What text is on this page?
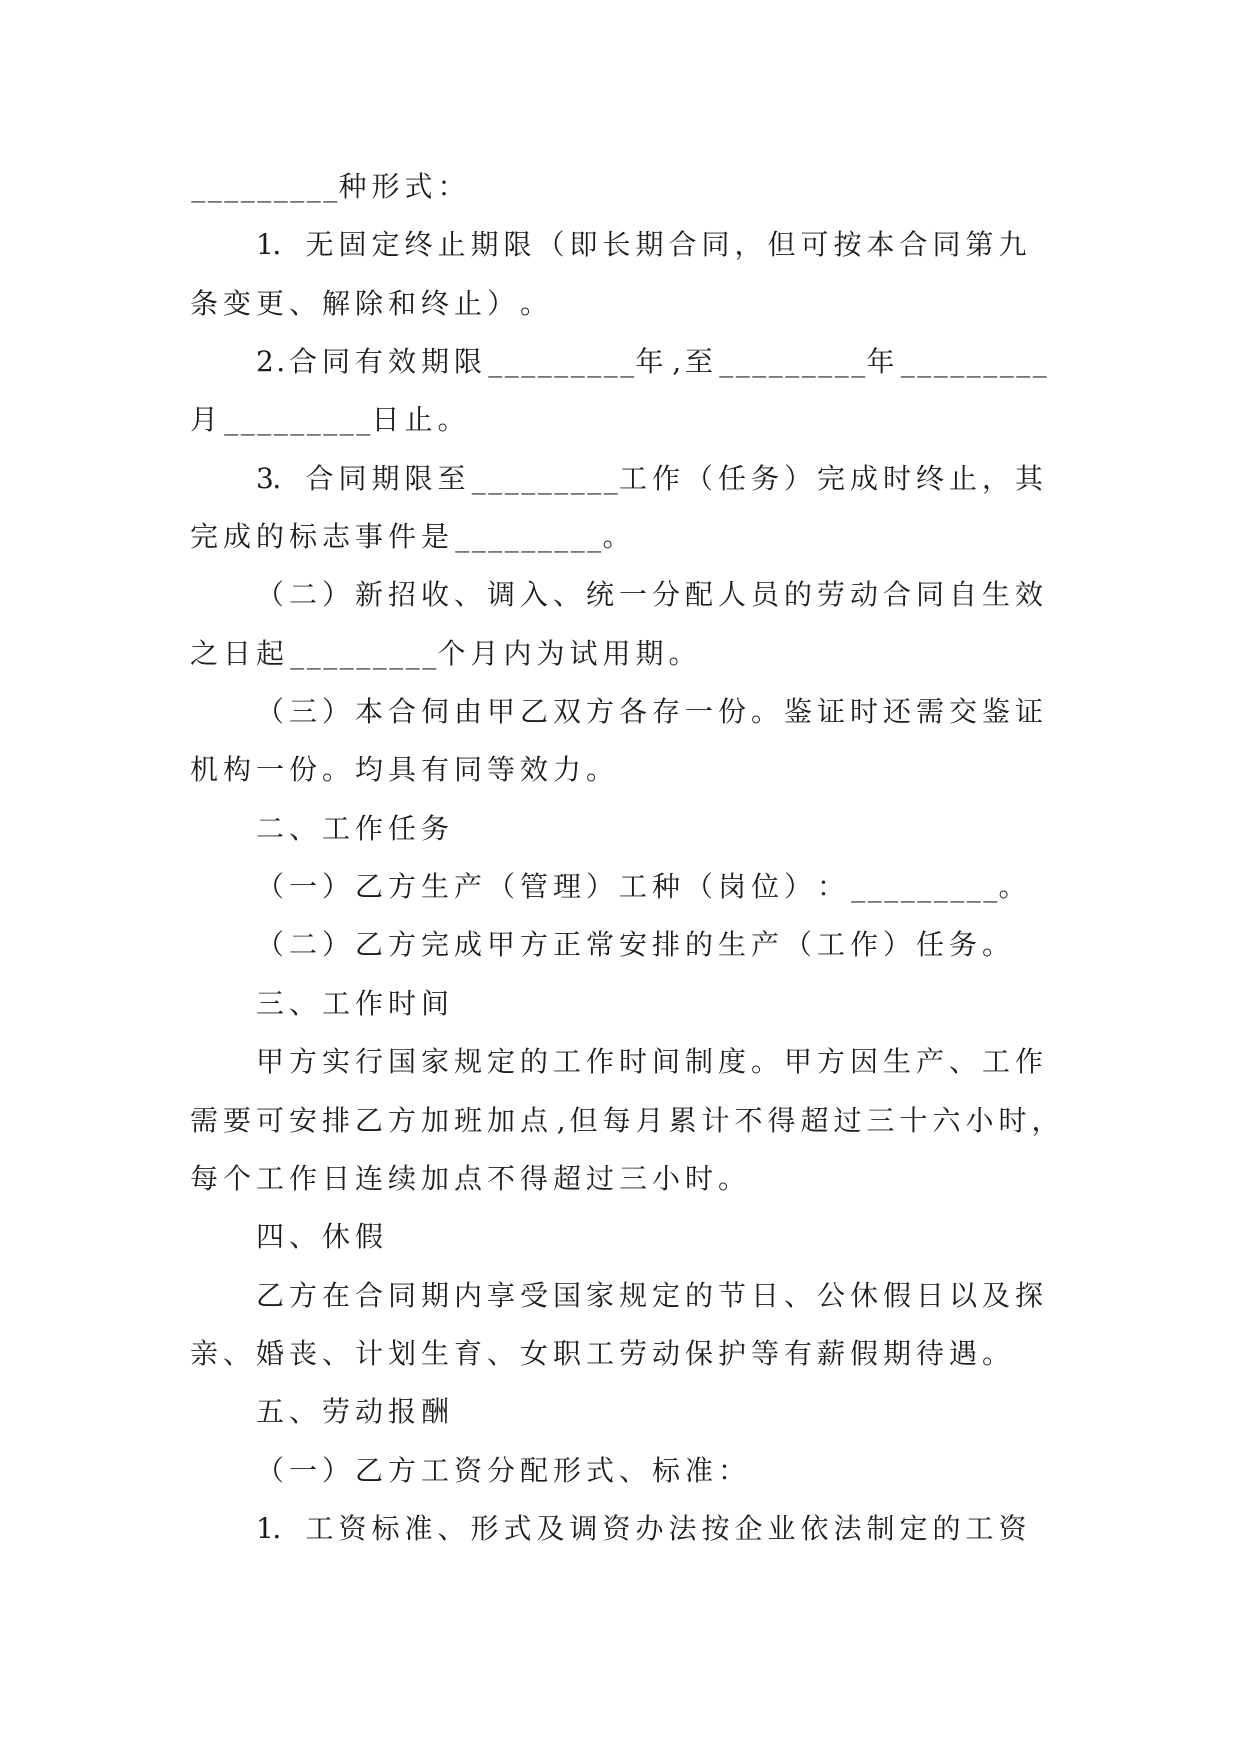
_________种 形 式 ：
1． 无 固 定 终 止 期 限 （ 即 长 期 合 同 ， 但 可 按 本 合 同 第 九
条 变 更 、 解 除 和 终 止 ） 。
2. 合 同 有 效 期 限 _________年 , 至 _________年 _________
月 _________日 止 。
3． 合 同 期 限 至 _________工 作 （ 任 务 ） 完 成 时 终 止 ， 其
完 成 的 标 志 事 件 是 _________。
（ 二 ） 新 招 收 、 调 入 、 统 一 分 配 人 员 的 劳 动 合 同 自 生 效
之 日 起 _________个 月 内 为 试 用 期 。
（ 三 ） 本 合 伺 由 甲 乙 双 方 各 存 一 份 。 鉴 证 时 还 需 交 鉴 证
机 构 一 份 。 均 具 有 同 等 效 力 。
二 、 工 作 任 务
（ 一 ） 乙 方 生 产 （ 管 理 ） 工 种 （ 岗 位 ） ： _________。
（ 二 ） 乙 方 完 成 甲 方 正 常 安 排 的 生 产 （ 工 作 ） 任 务 。
三 、 工 作 时 间
甲 方 实 行 国 家 规 定 的 工 作 时 间 制 度 。 甲 方 因 生 产 、 工 作
需 要 可 安 排 乙 方 加 班 加 点 , 但 每 月 累 计 不 得 超 过 三 十 六 小 时 ，
每 个 工 作 日 连 续 加 点 不 得 超 过 三 小 时 。
四 、 休 假
乙 方 在 合 同 期 内 享 受 国 家 规 定 的 节 日 、 公 休 假 日 以 及 探
亲 、 婚 丧 、 计 划 生 育 、 女 职 工 劳 动 保 护 等 有 薪 假 期 待 遇 。
五 、 劳 动 报 酬
（ 一 ） 乙 方 工 资 分 配 形 式 、 标 准 ：
1． 工 资 标 准 、 形 式 及 调 资 办 法 按 企 业 依 法 制 定 的 工 资
